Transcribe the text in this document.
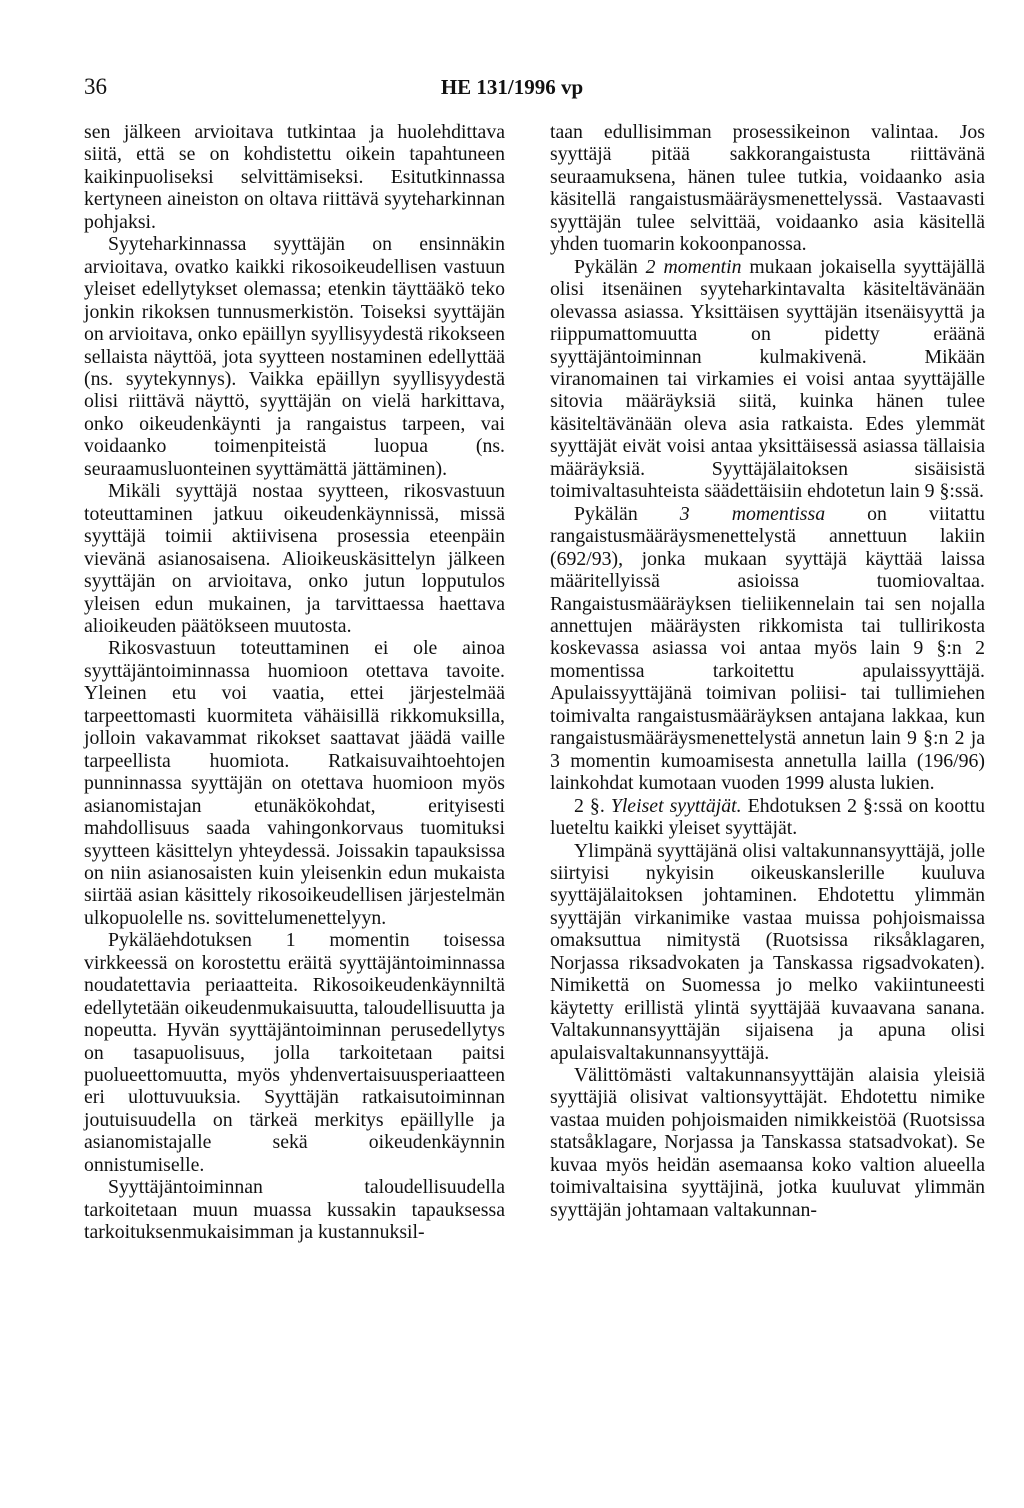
36	HE 131/1996 vp

sen jälkeen arvioitava tutkintaa ja huolehdittava siitä, että se on kohdistettu oikein tapahtuneen kaikinpuoliseksi selvittämiseksi. Esitutkinnassa kertyneen aineiston on oltava riittävä syyteharkinnan pohjaksi.

Syyteharkinnassa syyttäjän on ensinnäkin arvioitava, ovatko kaikki rikosoikeudellisen vastuun yleiset edellytykset olemassa; etenkin täyttääkö teko jonkin rikoksen tunnusmerkistön. Toiseksi syyttäjän on arvioitava, onko epäillyn syyllisyydestä rikokseen sellaista näyttöä, jota syytteen nostaminen edellyttää (ns. syytekynnys). Vaikka epäillyn syyllisyydestä olisi riittävä näyttö, syyttäjän on vielä harkittava, onko oikeudenkäynti ja rangaistus tarpeen, vai voidaanko toimenpiteistä luopua (ns. seuraamusluonteinen syyttämättä jättäminen).

Mikäli syyttäjä nostaa syytteen, rikosvastuun toteuttaminen jatkuu oikeudenkäynnissä, missä syyttäjä toimii aktiivisena prosessia eteenpäin vievänä asianosaisena. Alioikeuskäsittelyn jälkeen syyttäjän on arvioitava, onko jutun lopputulos yleisen edun mukainen, ja tarvittaessa haettava alioikeuden päätökseen muutosta.

Rikosvastuun toteuttaminen ei ole ainoa syyttäjäntoiminnassa huomioon otettava tavoite. Yleinen etu voi vaatia, ettei järjestelmää tarpeettomasti kuormiteta vähäisillä rikkomuksilla, jolloin vakavammat rikokset saattavat jäädä vaille tarpeellista huomiota. Ratkaisuvaihtoehtojen punninnassa syyttäjän on otettava huomioon myös asianomistajan etunäkökohdat, erityisesti mahdollisuus saada vahingonkorvaus tuomituksi syytteen käsittelyn yhteydessä. Joissakin tapauksissa on niin asianosaisten kuin yleisenkin edun mukaista siirtää asian käsittely rikosoikeudellisen järjestelmän ulkopuolelle ns. sovittelumenettelyyn.

Pykäläehdotuksen 1 momentin toisessa virkkeessä on korostettu eräitä syyttäjäntoiminnassa noudatettavia periaatteita. Rikosoikeudenkäynniltä edellytetään oikeudenmukaisuutta, taloudellisuutta ja nopeutta. Hyvän syyttäjäntoiminnan perusedellytys on tasapuolisuus, jolla tarkoitetaan paitsi puolueettomuutta, myös yhdenvertaisuusperiaatteen eri ulottuvuuksia. Syyttäjän ratkaisutoiminnan joutuisuudella on tärkeä merkitys epäillylle ja asianomistajalle sekä oikeudenkäynnin onnistumiselle.

Syyttäjäntoiminnan taloudellisuudella tarkoitetaan muun muassa kussakin tapauksessa tarkoituksenmukaisimman ja kustannuksil-

taan edullisimman prosessikeinon valintaa. Jos syyttäjä pitää sakkorangaistusta riittävänä seuraamuksena, hänen tulee tutkia, voidaanko asia käsitellä rangaistusmääräysmenettelyssä. Vastaavasti syyttäjän tulee selvittää, voidaanko asia käsitellä yhden tuomarin kokoonpanossa.

Pykälän 2 momentin mukaan jokaisella syyttäjällä olisi itsenäinen syyteharkintavalta käsiteltävänään olevassa asiassa. Yksittäisen syyttäjän itsenäisyyttä ja riippumattomuutta on pidetty eräänä syyttäjäntoiminnan kulmakivenä. Mikään viranomainen tai virkamies ei voisi antaa syyttäjälle sitovia määräyksiä siitä, kuinka hänen tulee käsiteltävänään oleva asia ratkaista. Edes ylemmät syyttäjät eivät voisi antaa yksittäisessä asiassa tällaisia määräyksiä. Syyttäjälaitoksen sisäisistä toimivaltasuhteista säädettäisiin ehdotetun lain 9 §:ssä.

Pykälän 3 momentissa on viitattu rangaistusmääräysmenettelystä annettuun lakiin (692/93), jonka mukaan syyttäjä käyttää laissa määritellyissä asioissa tuomiovaltaa. Rangaistusmääräyksen tieliikennelain tai sen nojalla annettujen määräysten rikkomista tai tullirikosta koskevassa asiassa voi antaa myös lain 9 §:n 2 momentissa tarkoitettu apulaissyyttäjä. Apulaissyyttäjänä toimivan poliisi- tai tullimiehen toimivalta rangaistusmääräyksen antajana lakkaa, kun rangaistusmääräysmenettelystä annetun lain 9 §:n 2 ja 3 momentin kumoamisesta annetulla lailla (196/96) lainkohdat kumotaan vuoden 1999 alusta lukien.

2 §. Yleiset syyttäjät. Ehdotuksen 2 §:ssä on koottu lueteltu kaikki yleiset syyttäjät.

Ylimpänä syyttäjänä olisi valtakunnansyyttäjä, jolle siirtyisi nykyisin oikeuskanslerille kuuluva syyttäjälaitoksen johtaminen. Ehdotettu ylimmän syyttäjän virkanimike vastaa muissa pohjoismaissa omaksuttua nimitystä (Ruotsissa riksåklagaren, Norjassa riksadvokaten ja Tanskassa rigsadvokaten). Nimikettä on Suomessa jo melko vakiintuneesti käytetty erillistä ylintä syyttäjää kuvaavana sanana. Valtakunnansyyttäjän sijaisena ja apuna olisi apulaisvaltakunnansyyttäjä.

Välittömästi valtakunnansyyttäjän alaisia yleisiä syyttäjiä olisivat valtionsyyttäjät. Ehdotettu nimike vastaa muiden pohjoismaiden nimikkeistöä (Ruotsissa statsåklagare, Norjassa ja Tanskassa statsadvokat). Se kuvaa myös heidän asemaansa koko valtion alueella toimivaltaisina syyttäjinä, jotka kuuluvat ylimmän syyttäjän johtamaan valtakunnan-
